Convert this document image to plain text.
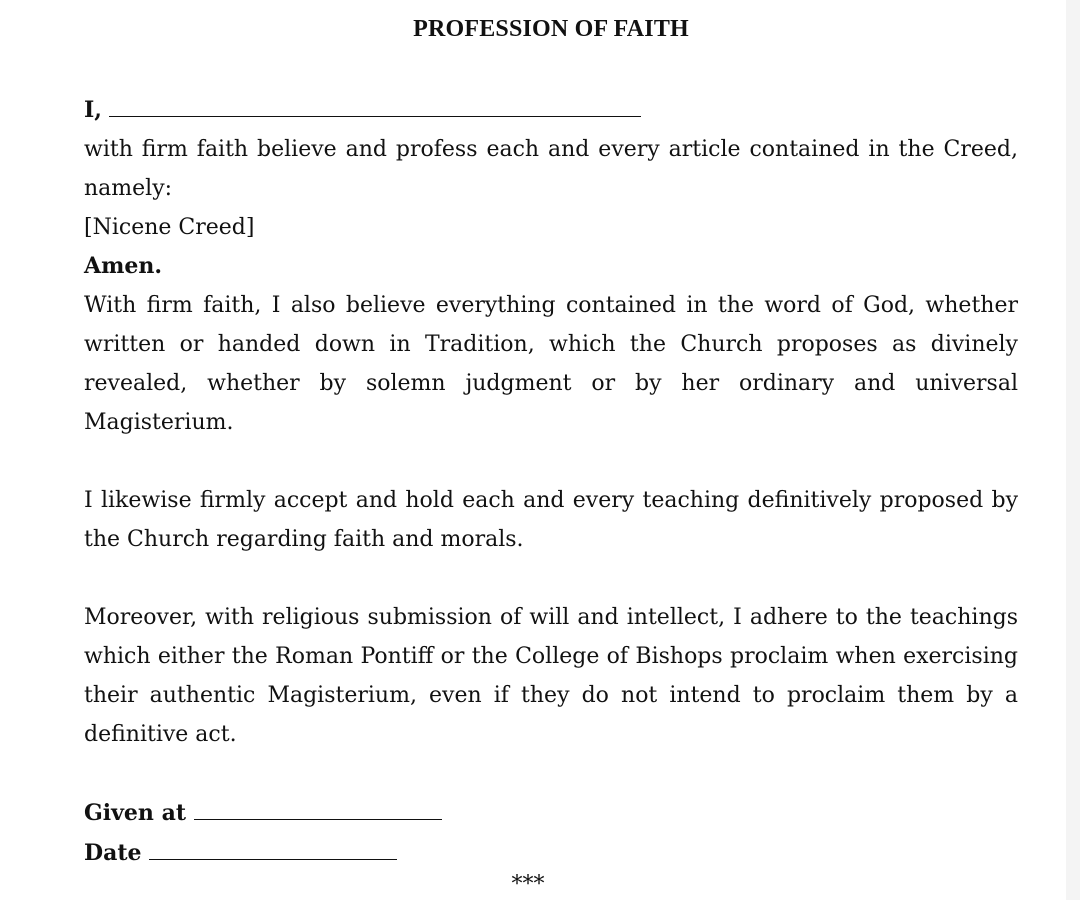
PROFESSION OF FAITH

I,

with firm faith believe and profess each and every article contained in the Creed, namely:

[Nicene Creed]

Amen.

With firm faith, I also believe everything contained in the word of God, whether written or handed down in Tradition, which the Church proposes as divinely revealed, whether by solemn judgment or by her ordinary and universal Magisterium.

I likewise firmly accept and hold each and every teaching definitively proposed by the Church regarding faith and morals.

Moreover, with religious submission of will and intellect, I adhere to the teachings which either the Roman Pontiff or the College of Bishops proclaim when exercising their authentic Magisterium, even if they do not intend to proclaim them by a definitive act.

Given at

Date

***
